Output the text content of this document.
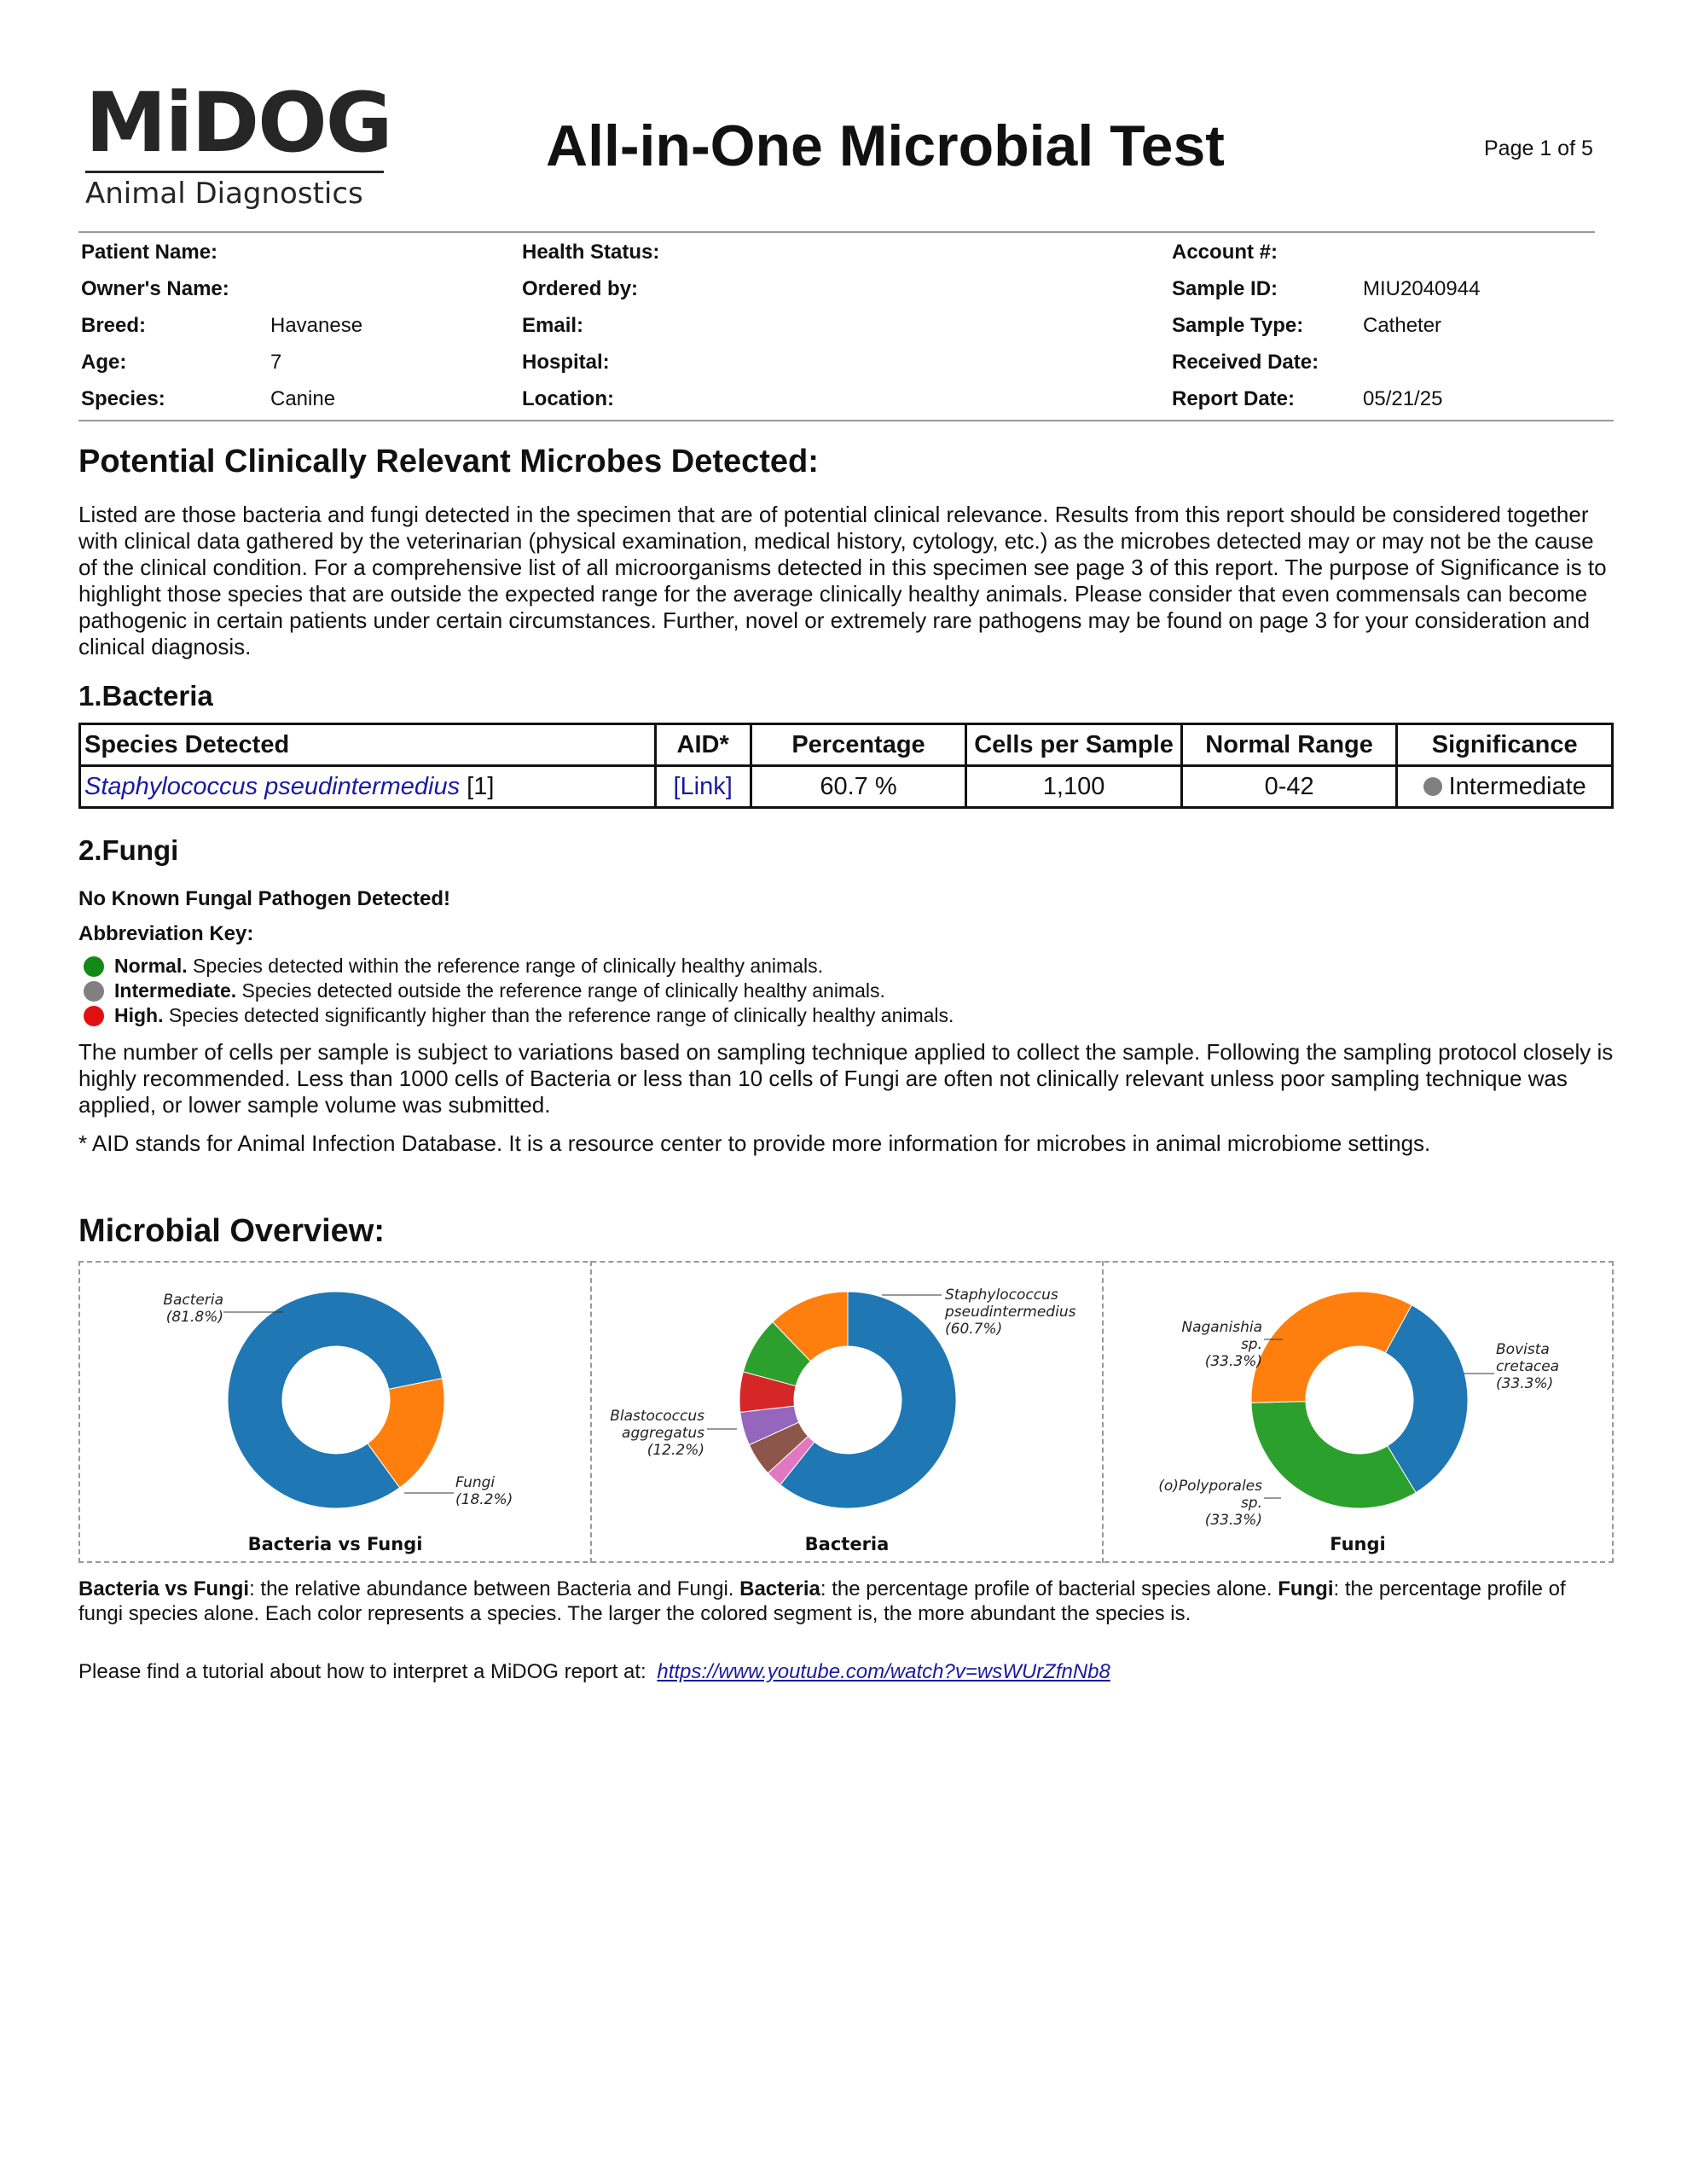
MiDOG
Animal Diagnostics
All-in-One Microbial Test	Page 1 of 5
Patient Name:
Owner's Name:
Breed:	Havanese
Age:	7
Species:	Canine
Health Status:
Ordered by:
Email:
Hospital:
Location:
Account #:
Sample ID:	MIU2040944
Sample Type:	Catheter
Received Date:
Report Date:	05/21/25
Potential Clinically Relevant Microbes Detected:
Listed are those bacteria and fungi detected in the specimen that are of potential clinical relevance. Results from this report should be considered together with clinical data gathered by the veterinarian (physical examination, medical history, cytology, etc.) as the microbes detected may or may not be the cause of the clinical condition. For a comprehensive list of all microorganisms detected in this specimen see page 3 of this report. The purpose of Significance is to highlight those species that are outside the expected range for the average clinically healthy animals. Please consider that even commensals can become pathogenic in certain patients under certain circumstances. Further, novel or extremely rare pathogens may be found on page 3 for your consideration and clinical diagnosis.
1.Bacteria
Species Detected	AID*	Percentage	Cells per Sample	Normal Range	Significance
Staphylococcus pseudintermedius [1]	[Link]	60.7 %	1,100	0-42	Intermediate
2.Fungi
No Known Fungal Pathogen Detected!
Abbreviation Key:
Normal. Species detected within the reference range of clinically healthy animals.
Intermediate. Species detected outside the reference range of clinically healthy animals.
High. Species detected significantly higher than the reference range of clinically healthy animals.
The number of cells per sample is subject to variations based on sampling technique applied to collect the sample. Following the sampling protocol closely is highly recommended. Less than 1000 cells of Bacteria or less than 10 cells of Fungi are often not clinically relevant unless poor sampling technique was applied, or lower sample volume was submitted.
* AID stands for Animal Infection Database. It is a resource center to provide more information for microbes in animal microbiome settings.
Microbial Overview:
Bacteria
(81.8%)
Fungi
(18.2%)
Bacteria vs Fungi
Staphylococcus pseudintermedius
(60.7%)
Blastococcus aggregatus
(12.2%)
Bacteria
Bovista cretacea
(33.3%)
(o)Polyporales sp.
(33.3%)
Naganishia sp.
(33.3%)
Fungi
Bacteria vs Fungi: the relative abundance between Bacteria and Fungi. Bacteria: the percentage profile of bacterial species alone. Fungi: the percentage profile of fungi species alone. Each color represents a species. The larger the colored segment is, the more abundant the species is.
Please find a tutorial about how to interpret a MiDOG report at: https://www.youtube.com/watch?v=wsWUrZfnNb8
